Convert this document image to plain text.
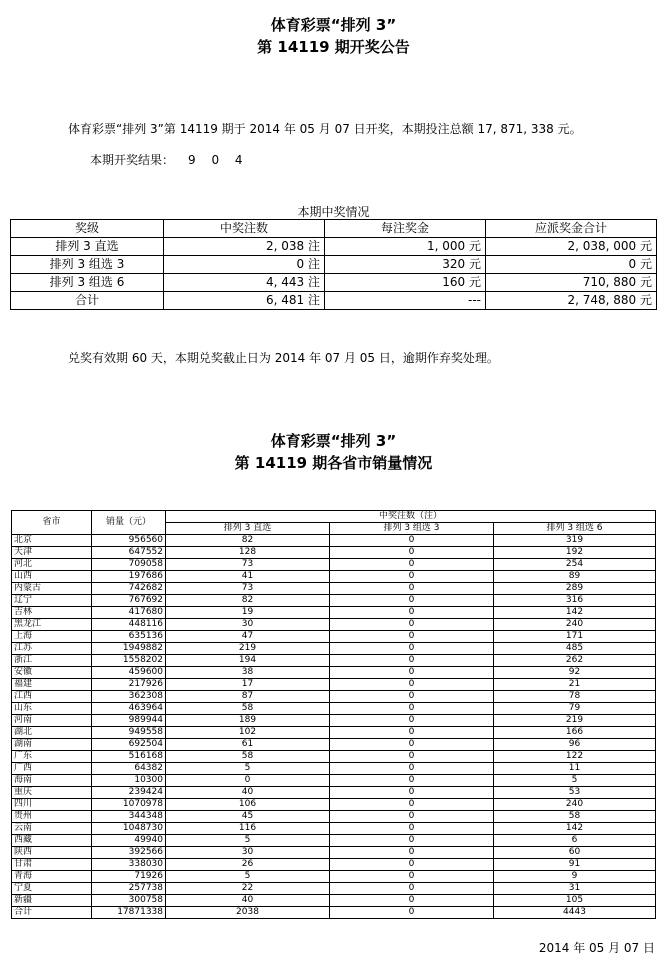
体育彩票“排列 3”
第 14119 期开奖公告
体育彩票“排列 3”第 14119 期于 2014 年 05 月 07 日开奖，本期投注总额 17, 871, 338 元。
本期开奖结果： 9 0 4
本期中奖情况
奖级	中奖注数	每注奖金	应派奖金合计
排列 3 直选	2, 038 注	1, 000 元	2, 038, 000 元
排列 3 组选 3	0 注	320 元	0 元
排列 3 组选 6	4, 443 注	160 元	710, 880 元
合计	6, 481 注	---	2, 748, 880 元
兑奖有效期 60 天，本期兑奖截止日为 2014 年 07 月 05 日，逾期作弃奖处理。
体育彩票“排列 3”
第 14119 期各省市销量情况
省市	销量（元）	中奖注数（注）		
		排列 3 直选	排列 3 组选 3	排列 3 组选 6
北京	956560	82	0	319
天津	647552	128	0	192
河北	709058	73	0	254
山西	197686	41	0	89
内蒙古	742682	73	0	289
辽宁	767692	82	0	316
吉林	417680	19	0	142
黑龙江	448116	30	0	240
上海	635136	47	0	171
江苏	1949882	219	0	485
浙江	1558202	194	0	262
安徽	459600	38	0	92
福建	217926	17	0	21
江西	362308	87	0	78
山东	463964	58	0	79
河南	989944	189	0	219
湖北	949558	102	0	166
湖南	692504	61	0	96
广东	516168	58	0	122
广西	64382	5	0	11
海南	10300	0	0	5
重庆	239424	40	0	53
四川	1070978	106	0	240
贵州	344348	45	0	58
云南	1048730	116	0	142
西藏	49940	5	0	6
陕西	392566	30	0	60
甘肃	338030	26	0	91
青海	71926	5	0	9
宁夏	257738	22	0	31
新疆	300758	40	0	105
合计	17871338	2038	0	4443
2014 年 05 月 07 日
